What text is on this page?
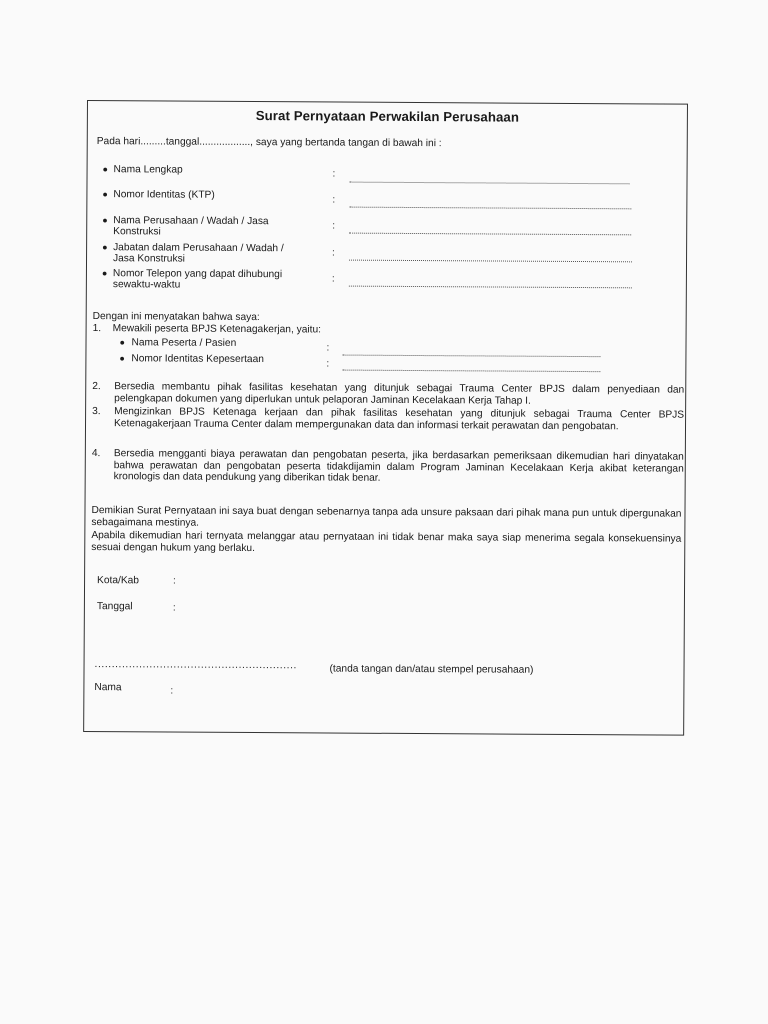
Surat Pernyataan Perwakilan Perusahaan
Pada hari.........tanggal.................., saya yang bertanda tangan di bawah ini :
● Nama Lengkap	:
● Nomor Identitas (KTP)	:
● Nama Perusahaan / Wadah / Jasa
Konstruksi
:
● Jabatan dalam Perusahaan / Wadah /
Jasa Konstruksi
:
● Nomor Telepon yang dapat dihubungi
sewaktu-waktu
:
Dengan ini menyatakan bahwa saya:
1. Mewakili peserta BPJS Ketenagakerjan, yaitu:
● Nama Peserta / Pasien	:
● Nomor Identitas Kepesertaan	:
2. Bersedia membantu pihak fasilitas kesehatan yang ditunjuk sebagai Trauma Center BPJS dalam penyediaan dan pelengkapan dokumen yang diperlukan untuk pelaporan Jaminan Kecelakaan Kerja Tahap I.
3. Mengizinkan BPJS Ketenaga kerjaan dan pihak fasilitas kesehatan yang ditunjuk sebagai Trauma Center BPJS Ketenagakerjaan Trauma Center dalam mempergunakan data dan informasi terkait perawatan dan pengobatan.
4. Bersedia mengganti biaya perawatan dan pengobatan peserta, jika berdasarkan pemeriksaan dikemudian hari dinyatakan bahwa perawatan dan pengobatan peserta tidakdijamin dalam Program Jaminan Kecelakaan Kerja akibat keterangan kronologis dan data pendukung yang diberikan tidak benar.
Demikian Surat Pernyataan ini saya buat dengan sebenarnya tanpa ada unsure paksaan dari pihak mana pun untuk dipergunakan sebagaimana mestinya.
Apabila dikemudian hari ternyata melanggar atau pernyataan ini tidak benar maka saya siap menerima segala konsekuensinya sesuai dengan hukum yang berlaku.
Kota/Kab	:
Tanggal	:
...........................................................	(tanda tangan dan/atau stempel perusahaan)
Nama	:
